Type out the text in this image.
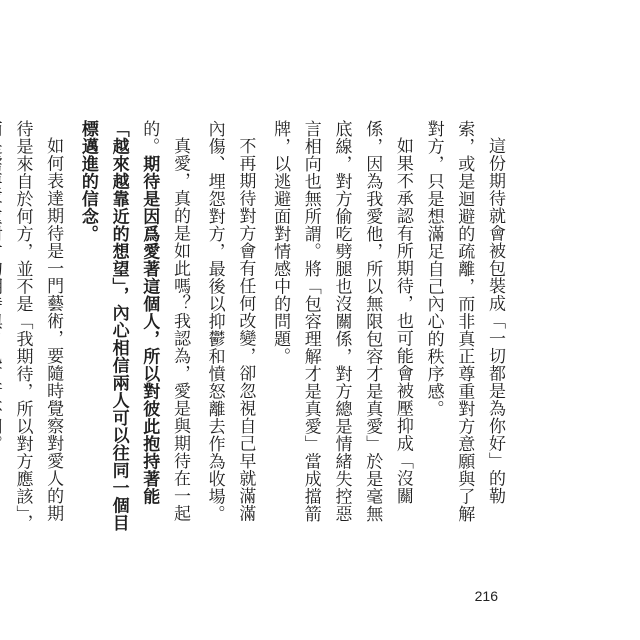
這份期待就會被包裝成「一切都是為你好」的勒索，或是迴避的疏離，而非真正尊重對方意願與了解對方，只是想滿足自己內心的秩序感。

如果不承認有所期待，也可能會被壓抑成「沒關係，因為我愛他，所以無限包容才是真愛」於是毫無底線，對方偷吃劈腿也沒關係，對方總是情緒失控惡言相向也無所謂。將「包容理解才是真愛」當成擋箭牌，以逃避面對情感中的問題。

不再期待對方會有任何改變，卻忽視自己早就滿滿內傷、埋怨對方，最後以抑鬱和憤怒離去作為收場。

真愛，真的是如此嗎？我認為，愛是與期待在一起的。期待是因爲愛著這個人，所以對彼此抱持著能「越來越靠近的想望」，內心相信兩人可以往同一個目標邁進的信念。

如何表達期待是一門藝術，要隨時覺察對愛人的期待是來自於何方，並不是「我期待，所以對方應該」，

216
